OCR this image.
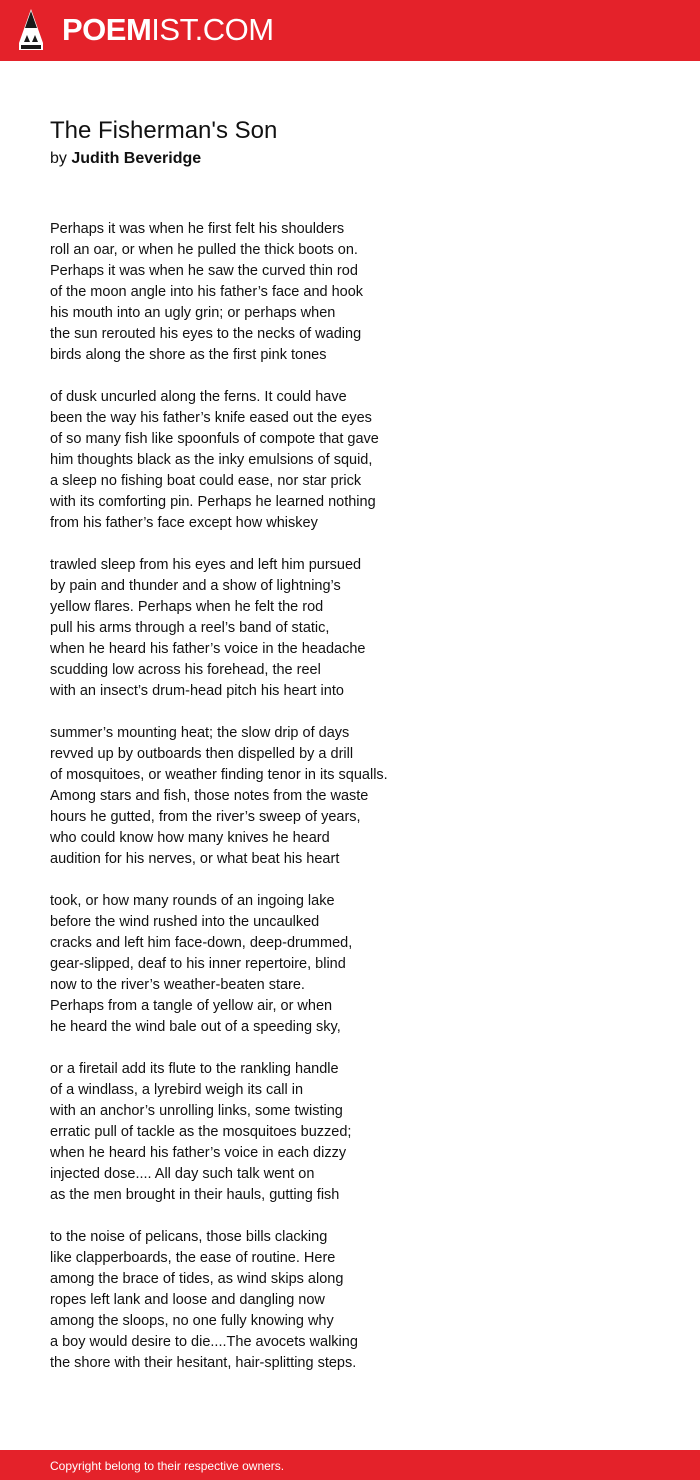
POEMIST.COM
The Fisherman's Son
by Judith Beveridge
Perhaps it was when he first felt his shoulders
roll an oar, or when he pulled the thick boots on.
Perhaps it was when he saw the curved thin rod
of the moon angle into his father’s face and hook
his mouth into an ugly grin; or perhaps when
the sun rerouted his eyes to the necks of wading
birds along the shore as the first pink tones
of dusk uncurled along the ferns. It could have
been the way his father’s knife eased out the eyes
of so many fish like spoonfuls of compote that gave
him thoughts black as the inky emulsions of squid,
a sleep no fishing boat could ease, nor star prick
with its comforting pin. Perhaps he learned nothing
from his father’s face except how whiskey
trawled sleep from his eyes and left him pursued
by pain and thunder and a show of lightning’s
yellow flares. Perhaps when he felt the rod
pull his arms through a reel’s band of static,
when he heard his father’s voice in the headache
scudding low across his forehead, the reel
with an insect’s drum-head pitch his heart into
summer’s mounting heat; the slow drip of days
revved up by outboards then dispelled by a drill
of mosquitoes, or weather finding tenor in its squalls.
Among stars and fish, those notes from the waste
hours he gutted, from the river’s sweep of years,
who could know how many knives he heard
audition for his nerves, or what beat his heart
took, or how many rounds of an ingoing lake
before the wind rushed into the uncaulked
cracks and left him face-down, deep-drummed,
gear-slipped, deaf to his inner repertoire, blind
now to the river’s weather-beaten stare.
Perhaps from a tangle of yellow air, or when
he heard the wind bale out of a speeding sky,
or a firetail add its flute to the rankling handle
of a windlass, a lyrebird weigh its call in
with an anchor’s unrolling links, some twisting
erratic pull of tackle as the mosquitoes buzzed;
when he heard his father’s voice in each dizzy
injected dose.... All day such talk went on
as the men brought in their hauls, gutting fish
to the noise of pelicans, those bills clacking
like clapperboards, the ease of routine. Here
among the brace of tides, as wind skips along
ropes left lank and loose and dangling now
among the sloops, no one fully knowing why
a boy would desire to die....The avocets walking
the shore with their hesitant, hair-splitting steps.
Copyright belong to their respective owners.
